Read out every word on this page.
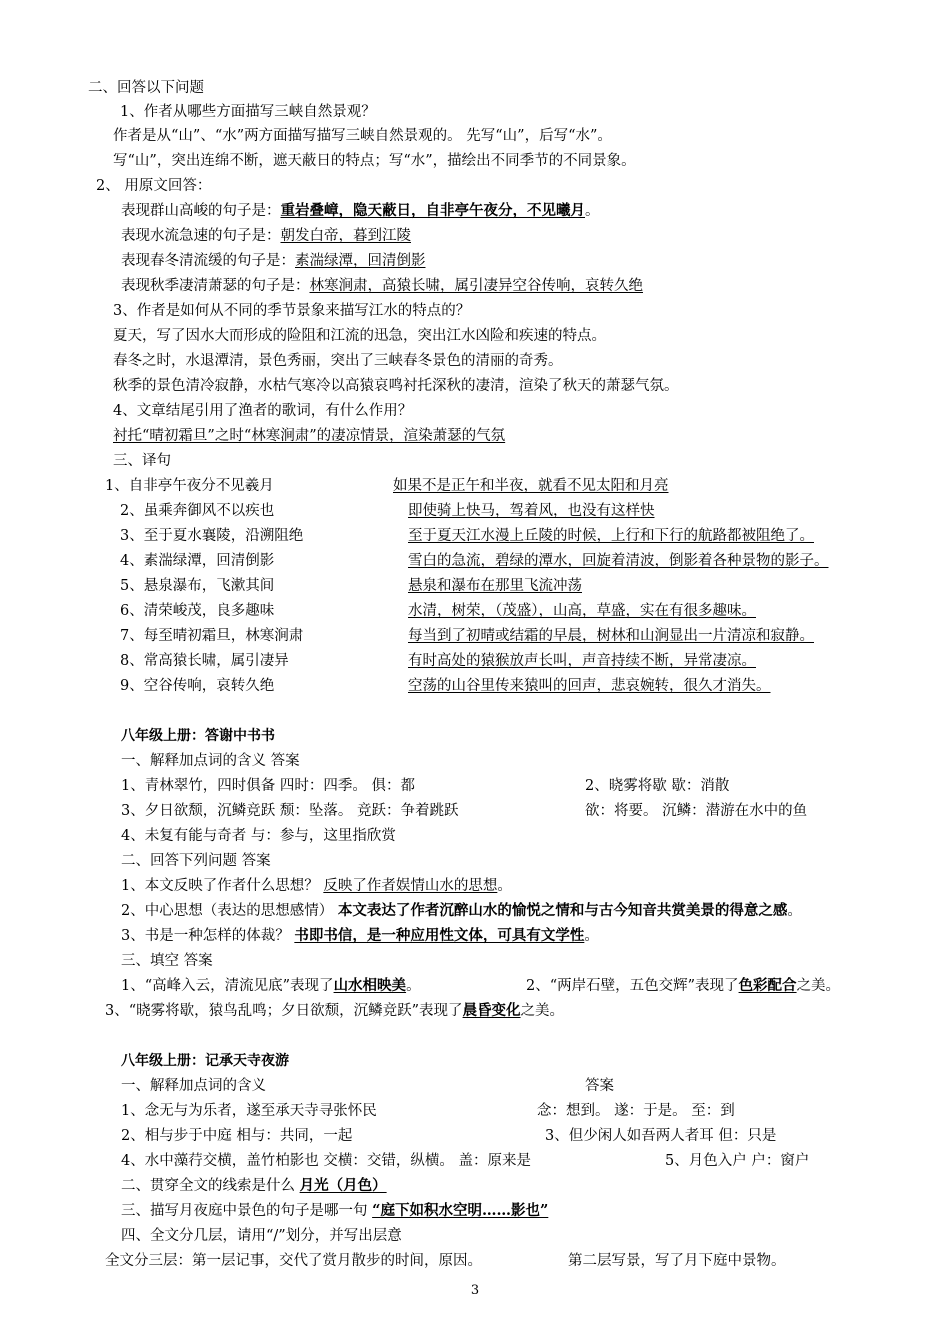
二、回答以下问题
1、作者从哪些方面描写三峡自然景观？
作者是从“山”、“水”两方面描写描写三峡自然景观的。 先写“山”，后写“水”。
写“山”，突出连绵不断，遮天蔽日的特点；写“水”，描绘出不同季节的不同景象。
2、 用原文回答：
表现群山高峻的句子是：重岩叠嶂，隐天蔽日，自非亭午夜分，不见曦月。
表现水流急速的句子是：朝发白帝，暮到江陵
表现春冬清流缓的句子是：素湍绿潭，回清倒影
表现秋季凄清萧瑟的句子是：林寒涧肃，高猿长啸，属引凄异空谷传响，哀转久绝
3、作者是如何从不同的季节景象来描写江水的特点的？
夏天，写了因水大而形成的险阻和江流的迅急，突出江水凶险和疾速的特点。
春冬之时，水退潭清，景色秀丽，突出了三峡春冬景色的清丽的奇秀。
秋季的景色清冷寂静，水枯气寒冷以高猿哀鸣衬托深秋的凄清，渲染了秋天的萧瑟气氛。
4、文章结尾引用了渔者的歌词，有什么作用？
衬托“晴初霜旦”之时“林寒涧肃”的凄凉情景，渲染萧瑟的气氛
三、译句
1、自非亭午夜分不见羲月	如果不是正午和半夜，就看不见太阳和月亮
2、虽乘奔御风不以疾也	即使骑上快马，驾着风，也没有这样快
3、至于夏水襄陵，沿溯阻绝	至于夏天江水漫上丘陵的时候，上行和下行的航路都被阻绝了。
4、素湍绿潭，回清倒影	雪白的急流，碧绿的潭水，回旋着清波，倒影着各种景物的影子。
5、悬泉瀑布，飞漱其间	悬泉和瀑布在那里飞流冲荡
6、清荣峻茂，良多趣味	水清，树荣，（茂盛），山高，草盛，实在有很多趣味。
7、每至晴初霜旦，林寒涧肃	每当到了初晴或结霜的早晨，树林和山涧显出一片清凉和寂静。
8、常高猿长啸，属引凄异	有时高处的猿猴放声长叫，声音持续不断，异常凄凉。
9、空谷传响，哀转久绝	空荡的山谷里传来猿叫的回声，悲哀婉转，很久才消失。
八年级上册：答谢中书书
一、解释加点词的含义 答案
1、青林翠竹，四时俱备 四时：四季。 俱：都	2、晓雾将歇 歇：消散
3、夕日欲颓，沉鳞竞跃 颓：坠落。 竞跃：争着跳跃	欲：将要。 沉鳞：潜游在水中的鱼
4、未复有能与奇者 与：参与，这里指欣赏
二、回答下列问题 答案
1、本文反映了作者什么思想？ 反映了作者娱情山水的思想。
2、中心思想（表达的思想感情） 本文表达了作者沉醉山水的愉悦之情和与古今知音共赏美景的得意之感。
3、书是一种怎样的体裁？ 书即书信，是一种应用性文体，可具有文学性。
三、填空 答案
1、“高峰入云，清流见底”表现了山水相映美。	2、“两岸石壁，五色交辉”表现了色彩配合之美。
3、“晓雾将歇，猿鸟乱鸣；夕日欲颓，沉鳞竞跃”表现了晨昏变化之美。
八年级上册：记承天寺夜游
一、解释加点词的含义	答案
1、念无与为乐者，遂至承天寺寻张怀民	念：想到。 遂：于是。 至：到
2、相与步于中庭 相与：共同，一起	3、但少闲人如吾两人者耳 但：只是
4、水中藻荇交横，盖竹柏影也 交横：交错，纵横。 盖：原来是	5、月色入户 户：窗户
二、贯穿全文的线索是什么 月光（月色）
三、描写月夜庭中景色的句子是哪一句 “庭下如积水空明……影也”
四、全文分几层，请用“/”划分，并写出层意
全文分三层：第一层记事，交代了赏月散步的时间，原因。	第二层写景，写了月下庭中景物。
3
